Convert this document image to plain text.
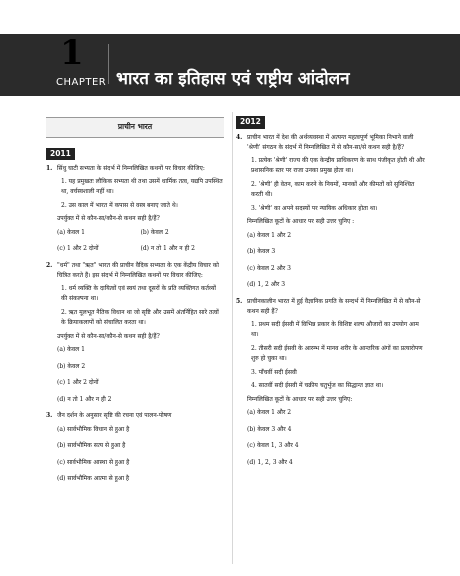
1
CHAPTER भारत का इतिहास एवं राष्ट्रीय आंदोलन
प्राचीन भारत
2011
1. सिंधु घाटी सभ्यता के संदर्भ में निम्नलिखित कथनों पर विचार कीजिए:
1. यह प्रमुखतः लौकिक सभ्यता थी तथा उसमें धार्मिक तत्व, यद्यपि उपस्थित था, वर्चस्वशाली नहीं था।
2. उस काल में भारत में कपास से वस्त्र बनाए जाते थे।
उपर्युक्त में से कौन-सा/कौन-से कथन सही है/हैं?
(a) केवल 1	(b) केवल 2
(c) 1 और 2 दोनों	(d) न तो 1 और न ही 2
2. "धर्म" तथा "ऋत" भारत की प्राचीन वैदिक सभ्यता के एक केंद्रीय विचार को चित्रित करते हैं। इस संदर्भ में निम्नलिखित कथनों पर विचार कीजिए:
1. धर्म व्यक्ति के दायित्वों एवं स्वयं तथा दूसरों के प्रति व्यक्तिगत कर्तव्यों की संकल्पना था।
2. ऋत मूलभूत नैतिक विधान था जो सृष्टि और उसमें अंतर्निहित सारे तत्वों के क्रियाकलापों को संचालित करता था।
उपर्युक्त में से कौन-सा/कौन-से कथन सही है/हैं?
(a) केवल 1
(b) केवल 2
(c) 1 और 2 दोनों
(d) न तो 1 और न ही 2
3. जैन दर्शन के अनुसार सृष्टि की रचना एवं पालन-पोषण
(a) सार्वभौमिक विधान से हुआ है
(b) सार्वभौमिक सत्य से हुआ है
(c) सार्वभौमिक आस्था से हुआ है
(d) सार्वभौमिक आत्मा से हुआ है
2012
4. प्राचीन भारत में देश की अर्थव्यवस्था में अत्यन्त महत्वपूर्ण भूमिका निभाने वाली 'श्रेणी' संगठन के संदर्भ में निम्नलिखित में से कौन-सा/से कथन सही है/हैं?
1. प्रत्येक 'श्रेणी' राज्य की एक केन्द्रीय प्राधिकरण के साथ पंजीकृत होती थी और प्रशासनिक स्तर पर राजा उनका प्रमुख होता था।
2. 'श्रेणी' ही वेतन, काम करने के नियमों, मानकों और कीमतों को सुनिश्चित करती थी।
3. 'श्रेणी' का अपने सदस्यों पर न्यायिक अधिकार होता था।
निम्नलिखित कूटों के आधार पर सही उत्तर चुनिए :
(a) केवल 1 और 2
(b) केवल 3
(c) केवल 2 और 3
(d) 1, 2 और 3
5. प्राचीनकालीन भारत में हुई वैज्ञानिक प्रगति के सन्दर्भ में निम्नलिखित में से कौन-से कथन सही हैं?
1. प्रथम सदी ईसवी में विभिन्न प्रकार के विशिष्ट शल्य औजारों का उपयोग आम था।
2. तीसरी सदी ईसवी के आरम्भ में मानव शरीर के आन्तरिक अंगों का प्रत्यारोपण शुरु हो चुका था।
3. पाँचवीं सदी ईसवी
4. सातवीं सदी ईसवी में चक्रीय चतुर्भुज का सिद्धान्त ज्ञात था।
निम्नलिखित कूटों के आधार पर सही उत्तर चुनिए:
(a) केवल 1 और 2
(b) केवल 3 और 4
(c) केवल 1, 3 और 4
(d) 1, 2, 3 और 4
